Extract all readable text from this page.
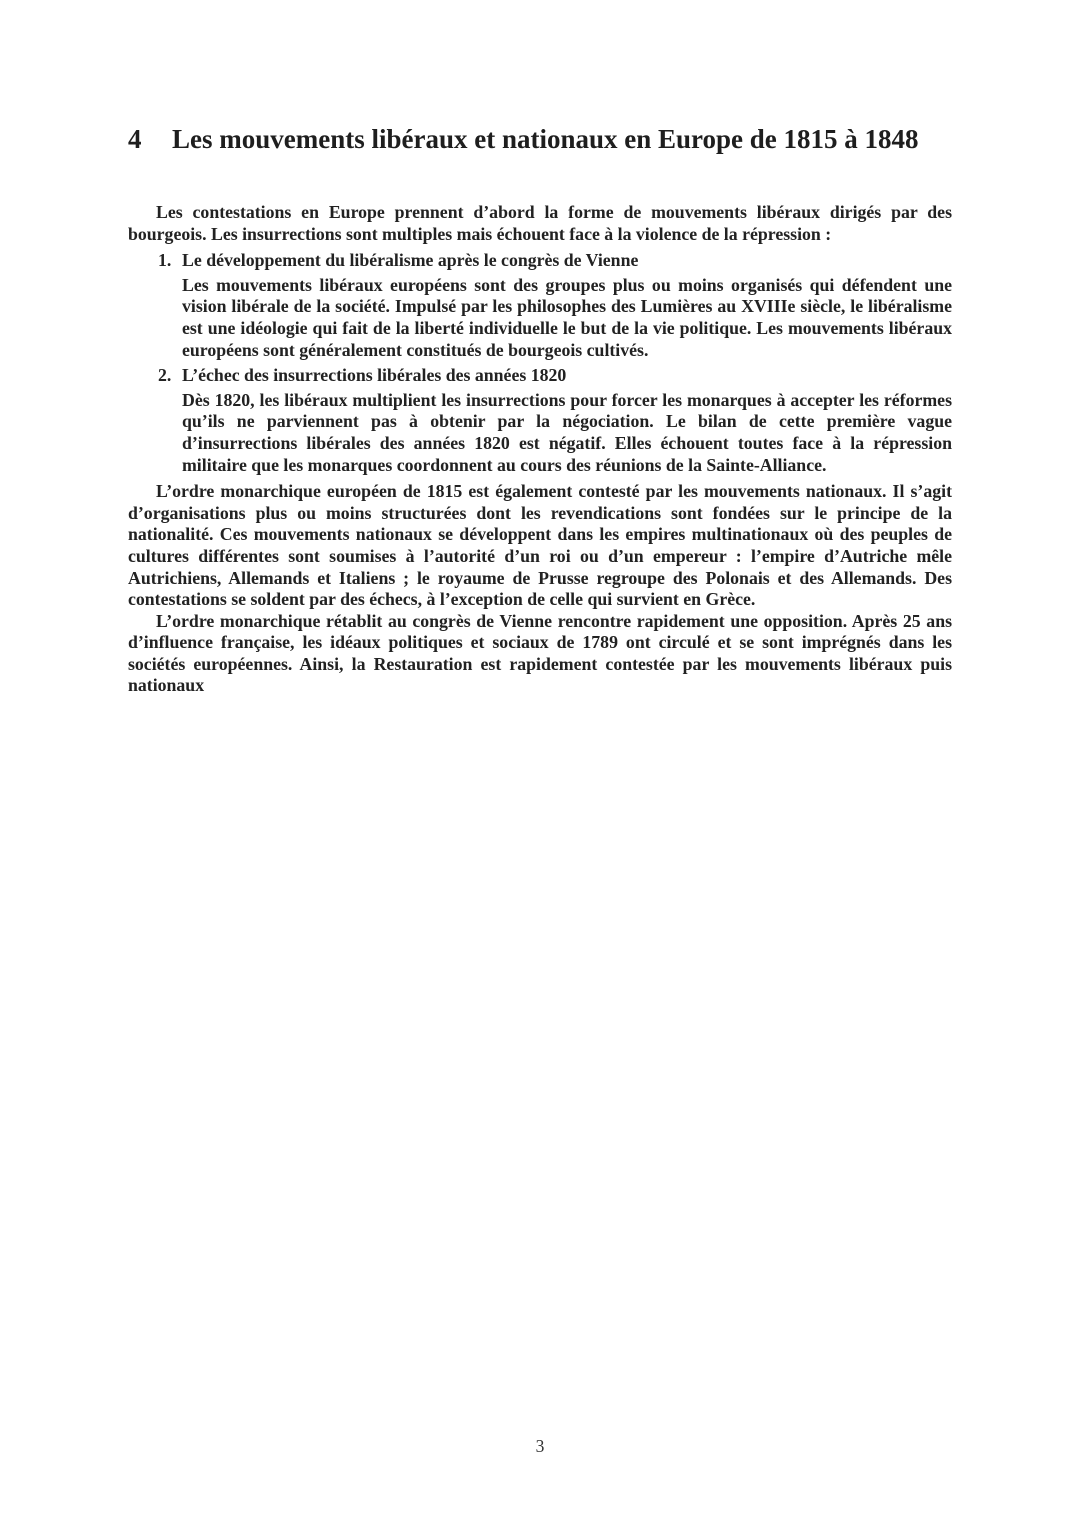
4 Les mouvements libéraux et nationaux en Europe de 1815 à 1848

Les contestations en Europe prennent d’abord la forme de mouvements libéraux dirigés par des bourgeois. Les insurrections sont multiples mais échouent face à la violence de la répression :

1. Le développement du libéralisme après le congrès de Vienne
Les mouvements libéraux européens sont des groupes plus ou moins organisés qui défendent une vision libérale de la société. Impulsé par les philosophes des Lumières au XVIIIe siècle, le libéralisme est une idéologie qui fait de la liberté individuelle le but de la vie politique. Les mouvements libéraux européens sont généralement constitués de bourgeois cultivés.
2. L’échec des insurrections libérales des années 1820
Dès 1820, les libéraux multiplient les insurrections pour forcer les monarques à accepter les réformes qu’ils ne parviennent pas à obtenir par la négociation. Le bilan de cette première vague d’insurrections libérales des années 1820 est négatif. Elles échouent toutes face à la répression militaire que les monarques coordonnent au cours des réunions de la Sainte-Alliance.

L’ordre monarchique européen de 1815 est également contesté par les mouvements nationaux. Il s’agit d’organisations plus ou moins structurées dont les revendications sont fondées sur le principe de la nationalité. Ces mouvements nationaux se développent dans les empires multinationaux où des peuples de cultures différentes sont soumises à l’autorité d’un roi ou d’un empereur : l’empire d’Autriche mêle Autrichiens, Allemands et Italiens ; le royaume de Prusse regroupe des Polonais et des Allemands. Des contestations se soldent par des échecs, à l’exception de celle qui survient en Grèce.

L’ordre monarchique rétablit au congrès de Vienne rencontre rapidement une opposition. Après 25 ans d’influence française, les idéaux politiques et sociaux de 1789 ont circulé et se sont imprégnés dans les sociétés européennes. Ainsi, la Restauration est rapidement contestée par les mouvements libéraux puis nationaux

3
